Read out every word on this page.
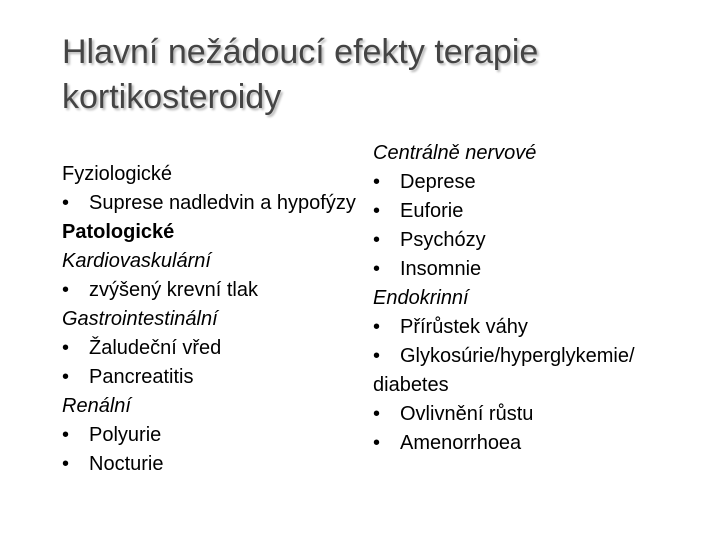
Hlavní nežádoucí efekty terapie
kortikosteroidy
Fyziologické
• Suprese nadledvin a hypofýzy
Patologické
Kardiovaskulární
• zvýšený krevní tlak
Gastrointestinální
• Žaludeční vřed
• Pancreatitis
Renální
• Polyurie
• Nocturie
Centrálně nervové
• Deprese
• Euforie
• Psychózy
• Insomnie
Endokrinní
• Přírůstek váhy
• Glykosúrie/hyperglykemie/
diabetes
• Ovlivnění růstu
• Amenorrhoea
